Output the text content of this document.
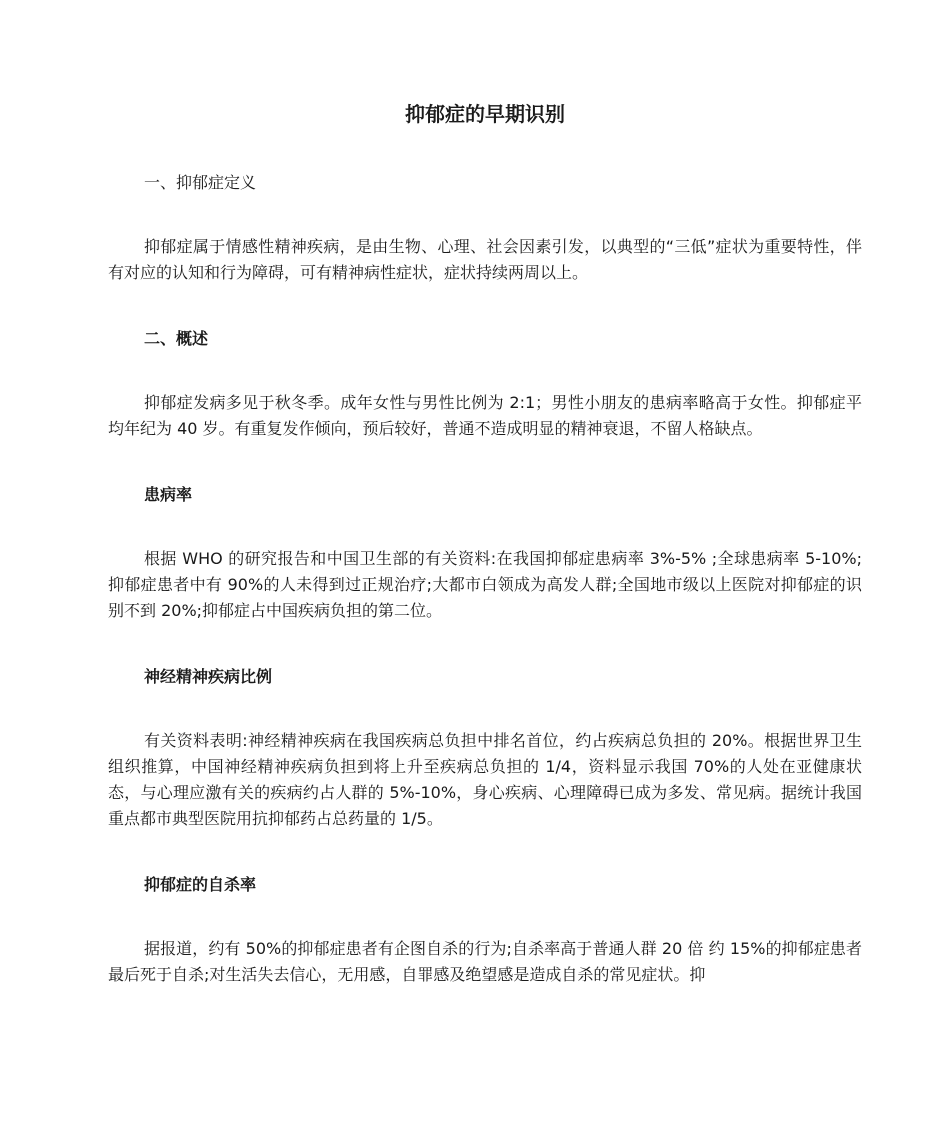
抑郁症的早期识别

一、抑郁症定义

抑郁症属于情感性精神疾病，是由生物、心理、社会因素引发，以典型的“三低”症状为重要特性，伴有对应的认知和行为障碍，可有精神病性症状，症状持续两周以上。

二、概述

抑郁症发病多见于秋冬季。成年女性与男性比例为 2:1；男性小朋友的患病率略高于女性。抑郁症平均年纪为 40 岁。有重复发作倾向，预后较好，普通不造成明显的精神衰退，不留人格缺点。

患病率

根据 WHO 的研究报告和中国卫生部的有关资料:在我国抑郁症患病率 3%-5% ;全球患病率 5-10%;抑郁症患者中有 90%的人未得到过正规治疗;大都市白领成为高发人群;全国地市级以上医院对抑郁症的识别不到 20%;抑郁症占中国疾病负担的第二位。

神经精神疾病比例

有关资料表明:神经精神疾病在我国疾病总负担中排名首位，约占疾病总负担的 20%。根据世界卫生组织推算，中国神经精神疾病负担到将上升至疾病总负担的 1/4，资料显示我国 70%的人处在亚健康状态，与心理应激有关的疾病约占人群的 5%-10%，身心疾病、心理障碍已成为多发、常见病。据统计我国重点都市典型医院用抗抑郁药占总药量的 1/5。

抑郁症的自杀率

据报道，约有 50%的抑郁症患者有企图自杀的行为;自杀率高于普通人群 20 倍 约 15%的抑郁症患者最后死于自杀;对生活失去信心，无用感，自罪感及绝望感是造成自杀的常见症状。抑
